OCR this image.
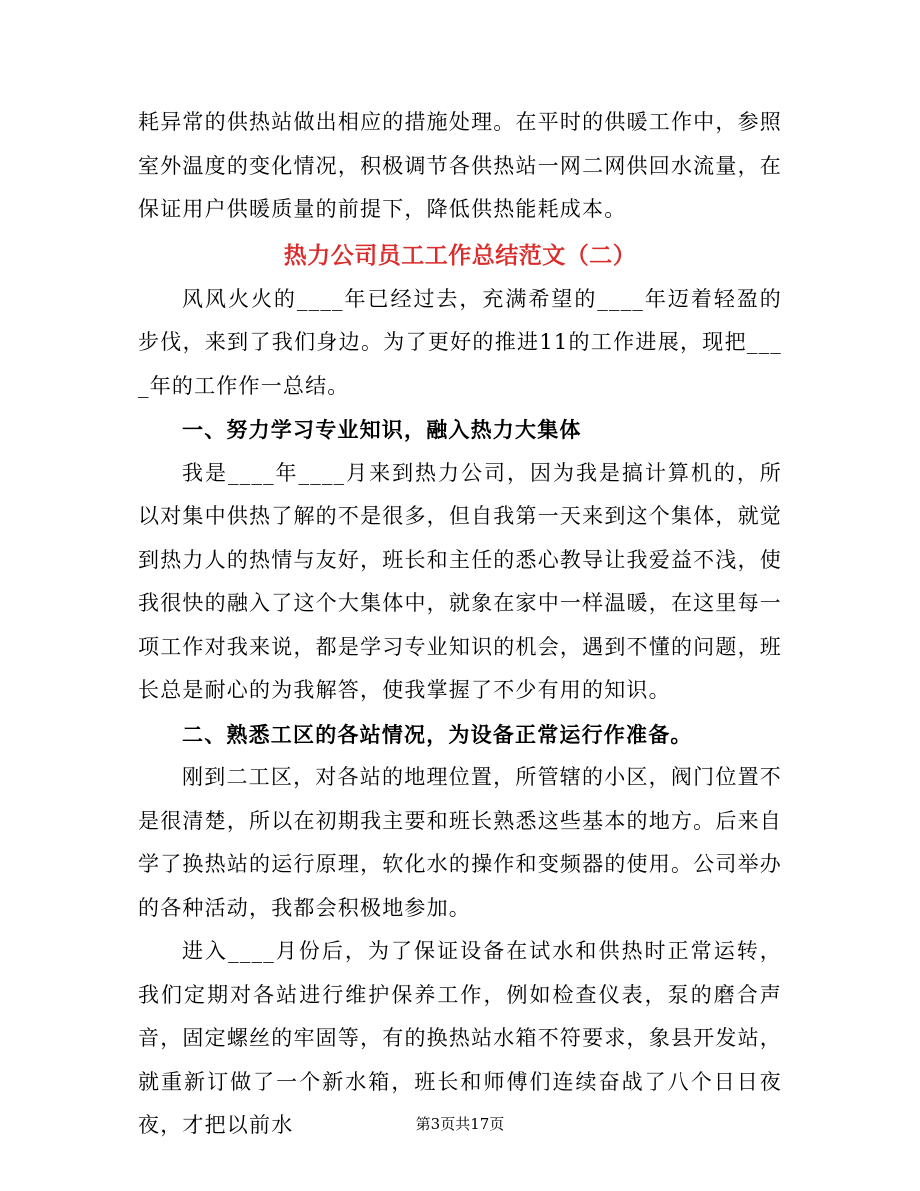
耗异常的供热站做出相应的措施处理。在平时的供暖工作中，参照室外温度的变化情况，积极调节各供热站一网二网供回水流量，在保证用户供暖质量的前提下，降低供热能耗成本。

热力公司员工工作总结范文（二）

风风火火的____年已经过去，充满希望的____年迈着轻盈的步伐，来到了我们身边。为了更好的推进11的工作进展，现把____年的工作作一总结。

一、努力学习专业知识，融入热力大集体

我是____年____月来到热力公司，因为我是搞计算机的，所以对集中供热了解的不是很多，但自我第一天来到这个集体，就觉到热力人的热情与友好，班长和主任的悉心教导让我爱益不浅，使我很快的融入了这个大集体中，就象在家中一样温暖，在这里每一项工作对我来说，都是学习专业知识的机会，遇到不懂的问题，班长总是耐心的为我解答，使我掌握了不少有用的知识。

二、熟悉工区的各站情况，为设备正常运行作准备。

刚到二工区，对各站的地理位置，所管辖的小区，阀门位置不是很清楚，所以在初期我主要和班长熟悉这些基本的地方。后来自学了换热站的运行原理，软化水的操作和变频器的使用。公司举办的各种活动，我都会积极地参加。

进入____月份后，为了保证设备在试水和供热时正常运转，我们定期对各站进行维护保养工作，例如检查仪表，泵的磨合声音，固定螺丝的牢固等，有的换热站水箱不符要求，象县开发站，就重新订做了一个新水箱，班长和师傅们连续奋战了八个日日夜夜，才把以前水	第3页共17页
